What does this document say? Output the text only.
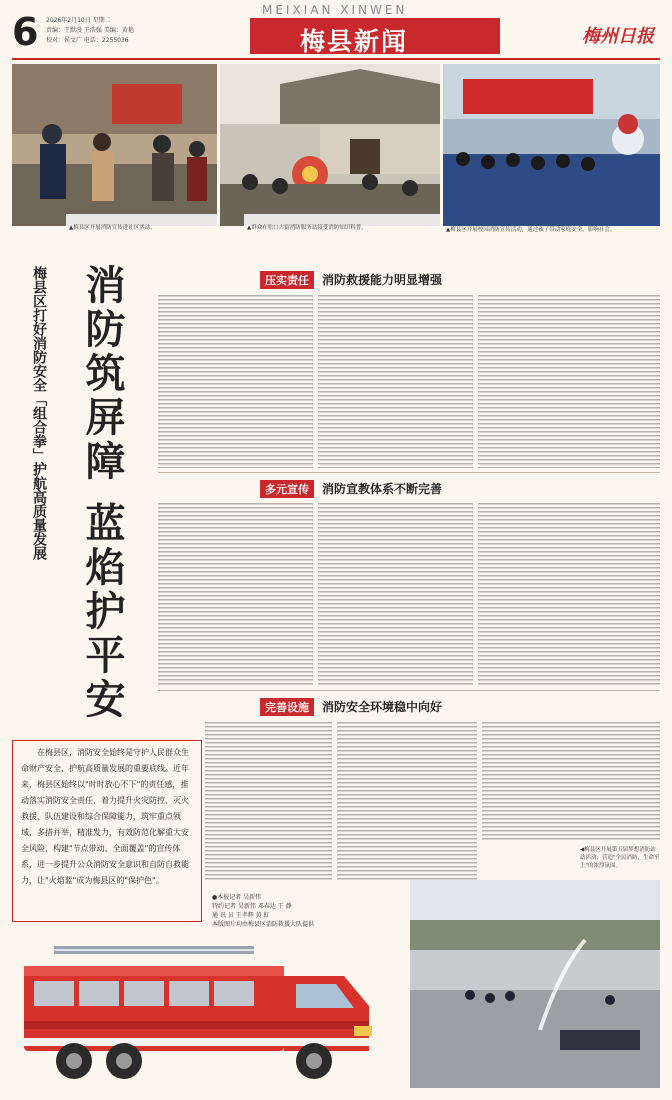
6 2026年2月10日 星期二
责编：王默漫 王浩强 美编：黄艳
校对：侯文广 电话：2255036
MEIXIAN XINWEN
梅县新闻	梅州日报
▲梅县区开展消防宣传进社区活动。	▲群众在松口古街消防服务站接受消防知识科普。	▲梅县区开展校园消防宣传活动，通过孩子带动家庭安全，影响社会。
消防筑屏障 蓝焰护平安
梅县区打好消防安全「组合拳」护航高质量发展
在梅县区，消防安全始终是守护人民群众生命财产安全、护航高质量发展的重要底线。近年来，梅县区始终以"时时放心不下"的责任感，推动落实消防安全责任，着力提升火灾防控、灭火救援、队伍建设和综合保障能力，筑牢重点领域、多措并举，精准发力，有效防范化解重大安全风险，构建"节点带动、全面覆盖"的宣传体系，进一步提升公众消防安全意识和自防自救能力，让"火焰蓝"成为梅县区的"保护色"。
压实责任	消防救援能力明显增强
多元宣传	消防宣教体系不断完善
完善设施	消防安全环境稳中向好
◀梅县区开展第五届梦想消防站站活动，营造"全民消防，生命至上"的浓厚氛围。
●本报记者 吴新伟
特约记者 吴新伟 邓春达 王 静
通 讯 员 王孝辉 黄 虹
本版图片均由梅县区消防救援大队提供
